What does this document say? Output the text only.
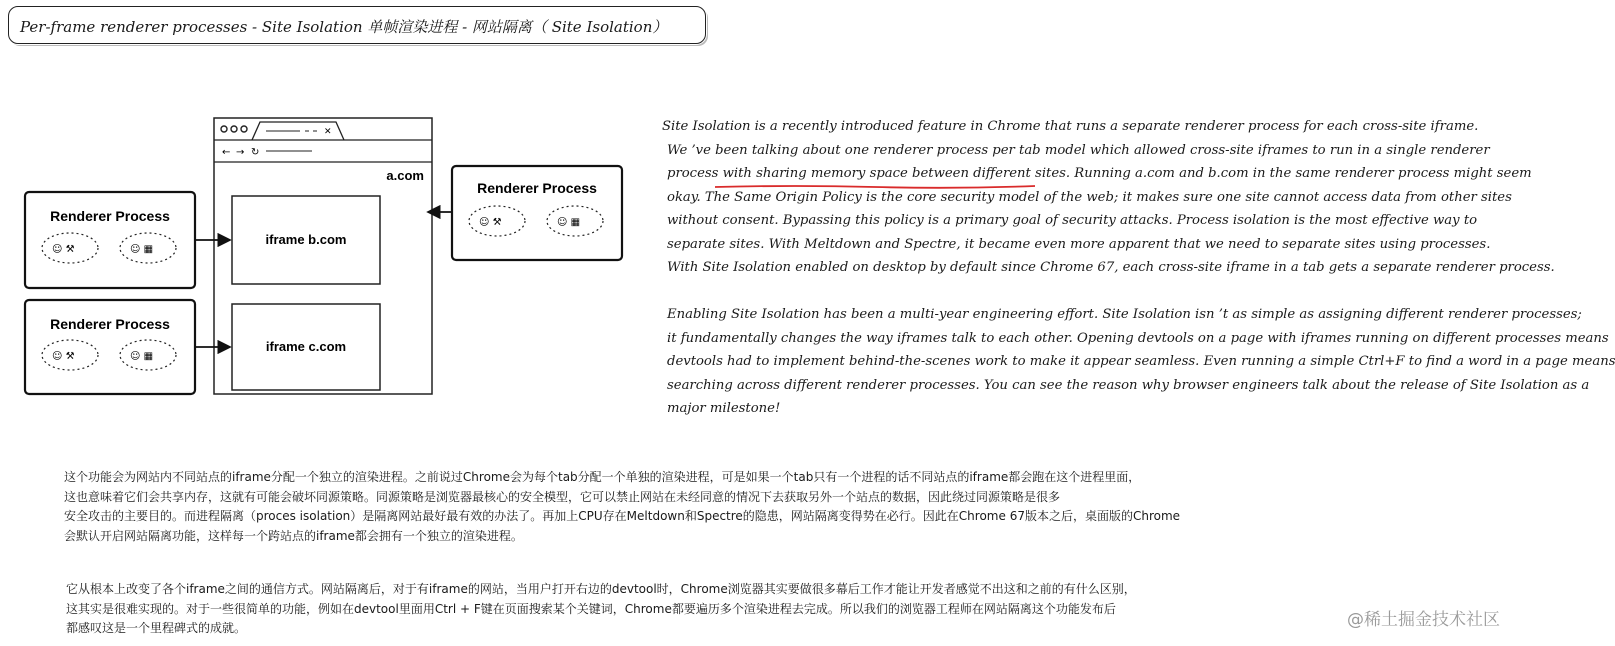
Per-frame renderer processes - Site Isolation 单帧渲染进程 - 网站隔离（ Site Isolation）
✕
← → ↻
a.com
iframe b.com
iframe c.com
Renderer Process
☺ ⚒	☺ ▦
Renderer Process
☺ ⚒	☺ ▦
Renderer Process
☺ ⚒	☺ ▦
Site Isolation is a recently introduced feature in Chrome that runs a separate renderer process for each cross-site iframe.
We ’ve been talking about one renderer process per tab model which allowed cross-site iframes to run in a single renderer
process with sharing memory space between different sites. Running a.com and b.com in the same renderer process might seem
okay. The Same Origin Policy is the core security model of the web; it makes sure one site cannot access data from other sites
without consent. Bypassing this policy is a primary goal of security attacks. Process isolation is the most effective way to
separate sites. With Meltdown and Spectre, it became even more apparent that we need to separate sites using processes.
With Site Isolation enabled on desktop by default since Chrome 67, each cross-site iframe in a tab gets a separate renderer process.
Enabling Site Isolation has been a multi-year engineering effort. Site Isolation isn ’t as simple as assigning different renderer processes;
it fundamentally changes the way iframes talk to each other. Opening devtools on a page with iframes running on different processes means
devtools had to implement behind-the-scenes work to make it appear seamless. Even running a simple Ctrl+F to find a word in a page means
searching across different renderer processes. You can see the reason why browser engineers talk about the release of Site Isolation as a
major milestone!
这个功能会为网站内不同站点的iframe分配一个独立的渲染进程。之前说过Chrome会为每个tab分配一个单独的渲染进程，可是如果一个tab只有一个进程的话不同站点的iframe都会跑在这个进程里面，
这也意味着它们会共享内存，这就有可能会破坏同源策略。同源策略是浏览器最核心的安全模型，它可以禁止网站在未经同意的情况下去获取另外一个站点的数据，因此绕过同源策略是很多
安全攻击的主要目的。而进程隔离（proces isolation）是隔离网站最好最有效的办法了。再加上CPU存在Meltdown和Spectre的隐患，网站隔离变得势在必行。因此在Chrome 67版本之后，桌面版的Chrome
会默认开启网站隔离功能，这样每一个跨站点的iframe都会拥有一个独立的渲染进程。
它从根本上改变了各个iframe之间的通信方式。网站隔离后，对于有iframe的网站，当用户打开右边的devtool时，Chrome浏览器其实要做很多幕后工作才能让开发者感觉不出这和之前的有什么区别，
这其实是很难实现的。对于一些很简单的功能，例如在devtool里面用Ctrl + F键在页面搜索某个关键词，Chrome都要遍历多个渲染进程去完成。所以我们的浏览器工程师在网站隔离这个功能发布后
都感叹这是一个里程碑式的成就。	@稀土掘金技术社区
